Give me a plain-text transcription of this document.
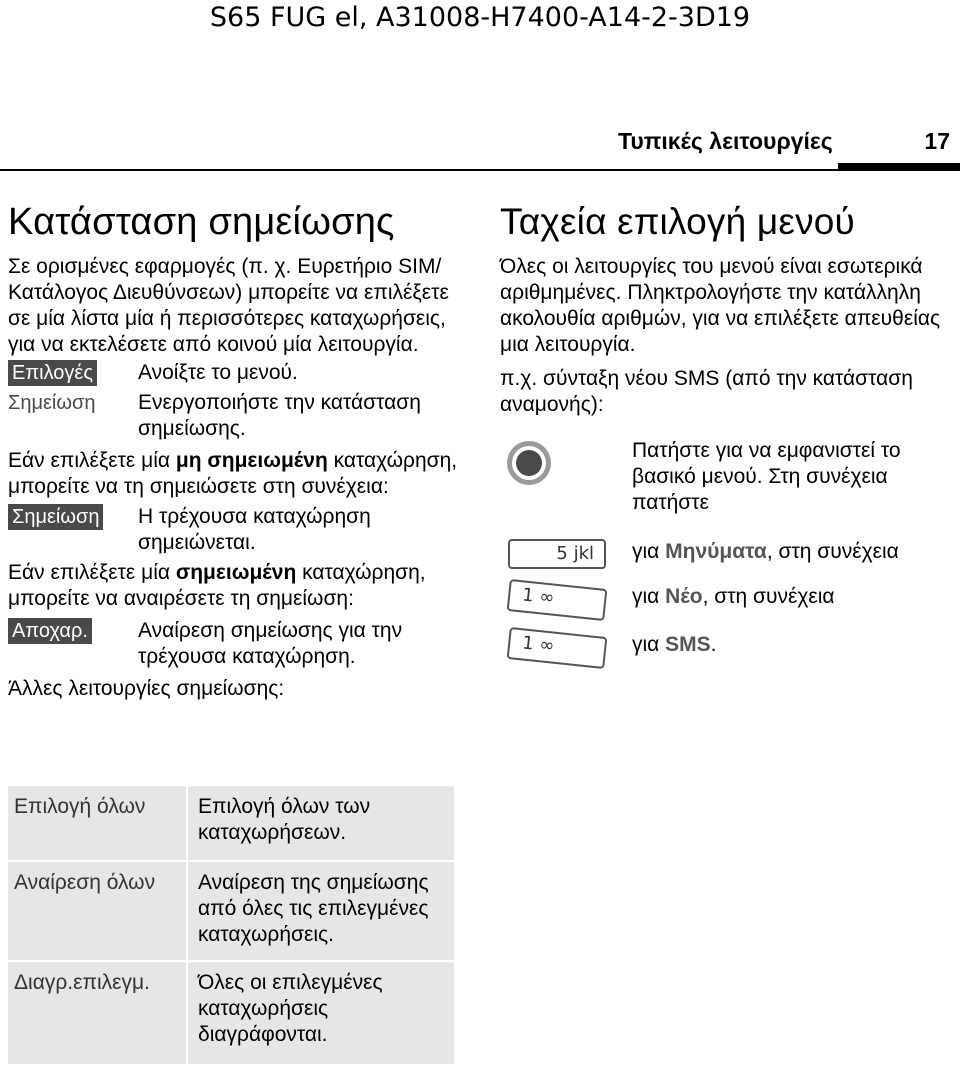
S65 FUG el, A31008-H7400-A14-2-3D19
Τυπικές λειτουργίες	17
Κατάσταση σημείωσης

Σε ορισμένες εφαρμογές (π. χ. Ευρετήριο SIM/ Κατάλογος Διευθύνσεων) μπορείτε να επιλέξετε σε μία λίστα μία ή περισσότερες καταχωρήσεις, για να εκτελέσετε από κοινού μία λειτουργία.

Επιλογές Ανοίξτε το μενού.
Σημείωση Ενεργοποιήστε την κατάσταση σημείωσης.

Εάν επιλέξετε μία μη σημειωμένη καταχώρηση, μπορείτε να τη σημειώσετε στη συνέχεια:

Σημείωση Η τρέχουσα καταχώρηση σημειώνεται.

Εάν επιλέξετε μία σημειωμένη καταχώρηση, μπορείτε να αναιρέσετε τη σημείωση:

Αποχαρ. Αναίρεση σημείωσης για την τρέχουσα καταχώρηση.

Άλλες λειτουργίες σημείωσης:

Επιλογή όλων	Επιλογή όλων των καταχωρήσεων.
Αναίρεση όλων	Αναίρεση της σημείωσης από όλες τις επιλεγμένες καταχωρήσεις.
Διαγρ.επιλεγμ.	Όλες οι επιλεγμένες καταχωρήσεις διαγράφονται.
Ταχεία επιλογή μενού

Όλες οι λειτουργίες του μενού είναι εσωτερικά αριθμημένες. Πληκτρολογήστε την κατάλληλη ακολουθία αριθμών, για να επιλέξετε απευθείας μια λειτουργία.

π.χ. σύνταξη νέου SMS (από την κατάσταση αναμονής):

Πατήστε για να εμφανιστεί το βασικό μενού. Στη συνέχεια πατήστε
5 jkl για Μηνύματα, στη συνέχεια
1 ∞	για Νέο, στη συνέχεια
1 ∞	για SMS.
